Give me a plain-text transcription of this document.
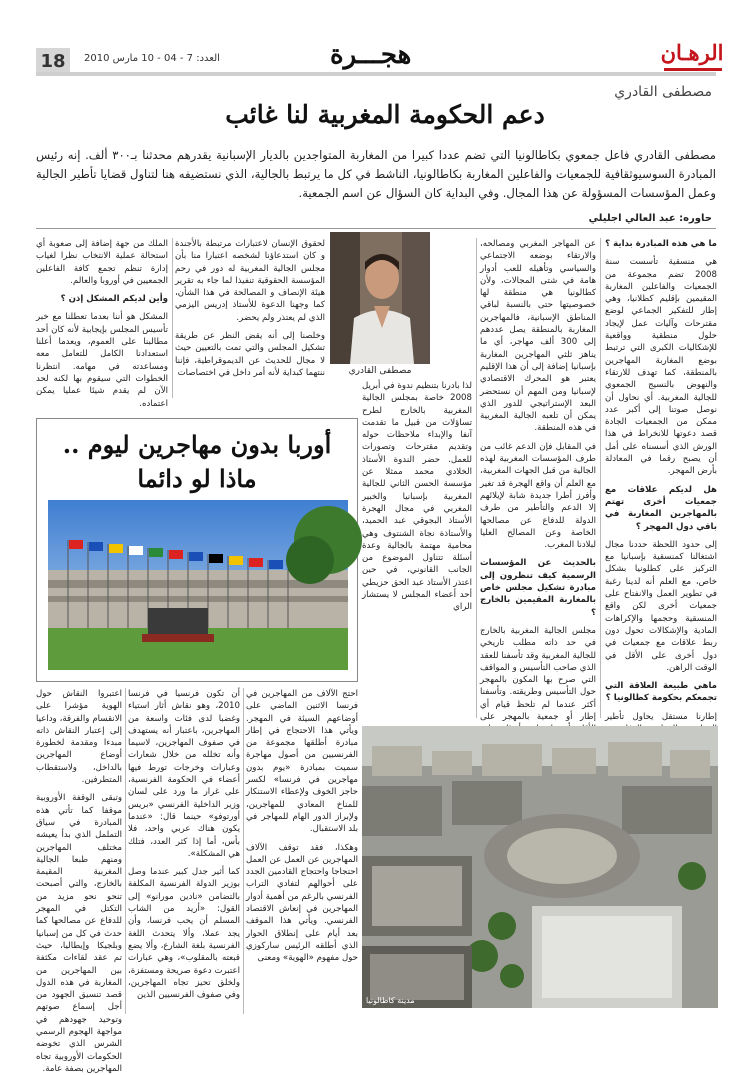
18	العدد: 7 - 04 - 10 مارس 2010	هجـــرة	الرهـان
مصطفى القادري
دعم الحكومة المغربية لنا غائب
مصطفى القادري فاعل جمعوي بكاطالونيا التي تضم عددا كبيرا من المغاربة المتواجدين بالديار الإسبانية يقدرهم محدثنا بـ٣٠٠ ألف. إنه رئيس المبادرة السوسيوثقافية للجمعيات والفاعلين المغاربة بكاطالونيا، الناشط في كل ما يرتبط بالجالية، الذي نستضيفه هنا لتناول قضايا تأطير الجالية وعمل المؤسسات المسؤولة عن هذا المجال. وفي البداية كان السؤال عن اسم الجمعية.
حاوره: عبد العالي اجليلي

ما هي هذه المبادرة بداية ؟

هي منسقية تأسست سنة 2008 تضم مجموعة من الجمعيات والفاعلين المغاربة المقيمين بإقليم كطلانيا، وهي إطار للتفكير الجماعي لوضع مقترحات وآليات عمل لإيجاد حلول منطقية وواقعية للإشكاليات الكبرى التي ترتبط بوضع المغاربة المهاجرين بالمنطقة، كما تهدف للارتقاء والنهوض بالنسيج الجمعوي للجالية المغربية. أي نحاول أن نوصل صوتنا إلى أكبر عدد ممكن من الجمعيات الجادة قصد دعوتها للانخراط في هذا الورش الذي أسسناه على أمل أن يصبح رقما في المعادلة بأرض المهجر.

هل لديكم علاقات مع جمعيات أخرى تهتم بالمهاجرين المغاربة في باقي دول المهجر ؟

إلى حدود اللحظة حددنا مجال اشتغالنا كمنسقية بإسبانيا مع التركيز على كطلونيا بشكل خاص، مع العلم أنه لدينا رغبة في تطوير العمل والانفتاح على جمعيات أخرى لكن واقع المنسقية وحجمها والإكراهات المادية والإشكالات تحول دون ربط علاقات مع جمعيات في دول أخرى على الأقل في الوقت الراهن.

ماهي طبيعة العلاقة التي تجمعكم بحكومة كطالونيا ؟

إطارنا مستقل يحاول تأطير

عن المهاجر المغربي ومصالحه، والارتقاء بوضعه الاجتماعي والسياسي وتأهيله للعب أدوار هامة في شتى المجالات، ولأن كطالونيا هي منطقة لها خصوصيتها حتى بالنسبة لباقي المناطق الإسبانية، فالمهاجرين المغاربة بالمنطقة يصل عددهم إلى 300 ألف مهاجر، أي ما يناهز ثلثي المهاجرين المغاربة بإسبانيا إضافة إلى أن هذا الإقليم يعتبر هو المحرك الاقتصادي لإسبانيا ومن المهم أن نستحضر البعد الإستراتيجي للدور الذي يمكن أن تلعبه الجالية المغربية في هذه المنطقة.

في المقابل فإن الدعم غائب من طرف المؤسسات المغربية لهذه الجالية من قبل الجهات المغربية، مع العلم أن واقع الهجرة قد تغير وأفرز أطرا جديدة شابة لإيلائهم إلا الدعم والتأطير من طرف الدولة للدفاع عن مصالحها الخاصة وعن المصالح العليا لبلادنا المغرب.

بالحديث عن المؤسسات الرسمية كيف تنظرون إلى مبادرة تشكيل مجلس خاص بالمغاربة المقيمين بالخارج ؟

مجلس الجالية المغربية بالخارج في حد ذاته مطلب تاريخي للجالية المغربية وقد تأسفنا للعقد الذي صاحب التأسيس و المواقف التي صرح بها المكون بالمهجر حول التأسيس وطريقته. وتأسفنا أكثر عندما لم تلحظ قيام أي إطار أو جمعية بالمهجر على

لذا بادرنا بتنظيم ندوة في أبريل 2008 خاصة بمجلس الجالية المغربية بالخارج لطرح تساؤلات من قبيل ما تقدمت آنفا والإبداء ملاحظات حوله وتقديم مقترحات وتصورات للعمل. حضر الندوة الأستاذ الخلادي محمد ممثلا عن مؤسسة الحسن الثاني للجالية المغربية بإسبانيا والخبير المغربي في مجال الهجرة الأستاذ البجوقي عبد الحميد، والأستاذة نجاة الشنتوف وهي محامية مهتمة بالجالية وعدة أسئلة تتناول الموضوع من الجانب القانوني، في حين اعتذر الأستاذ عبد الحق حزيطي أحد أعضاء المجلس لا يستشار الراي

لحقوق الإنسان لاعتبارات مرتبطة بالأجندة و كان استدعاؤنا لشخصه اعتبارا منا بأن مجلس الجالية المغربية له دور في رحم المؤسسة الحقوقية تنفيذا لما جاء به تقرير هيئة الإنصاف و المصالحة في هذا الشأن، كما وجهنا الدعوة للأستاذ إدريس اليزمي الذي لم يعتذر ولم يحضر.

وخلصنا إلى أنه يقض النظر عن طريقة تشكيل المجلس والتي تمت بالتعيين حيث لا مجال للحديث عن الديموقراطية، فإننا ننتهما كبداية لأنه أمر داخل في اختصاصات

الملك من جهة إضافة إلى صعوبة أي استحالة عملية الانتخاب نظرا لغياب إدارة تنظم تجمع كافة الفاعلين الجمعيين في أوروبا والعالم.

وأين لديكم المشكل إذن ؟

المشكل هو أننا بعدما تعطلنا مع خبر تأسيس المجلس بإيجابية لأنه كان أحد مطالبنا على العموم، ويعدما أعلنا استعدادنا الكامل للتعامل معه ومساعدته في مهامه. انتظرنا الخطوات التي سيقوم بها لكنه لحد الآن لم يقدم شيئا عمليا يمكن اعتماده.

مصطفى القادري
أوربا بدون مهاجرين ليوم .. ماذا لو دائما

احتج الآلاف من المهاجرين في فرنسا الاثنين الماضي على أوضاعهم السيئة في المهجر. ويأتي هذا الاحتجاج في إطار مبادرة أطلقها مجموعة من الفرنسيين من أصول مهاجرة سميت بمبادرة «يوم بدون مهاجرين في فرنسا» لكسر حاجز الخوف ولإعطاء الاستنكار للمناخ المعادي للمهاجرين، ولإبراز الدور الهام للمهاجر في بلد الاستقبال.

وهكذا، فقد توقف الآلاف المهاجرين عن العمل عن العمل احتجاجا واحتجاج القادمين الجدد على أحوالهم لتفادي التراب الفرنسي بالرغم من أهمية أدوار المهاجرين في إنعاش الاقتصاد الفرنسي. ويأتي هذا الموقف بعد أيام على إنطلاق الحوار الذي أطلقه الرئيس ساركوزي حول مفهوم «الهوية» ومعنى

أن تكون فرنسيا في فرنسا 2010، وهو نقاش أثار استياء وغضبا لدى فئات واسعة من المهاجرين، باعتبار أنه يستهدف في صفوف المهاجرين، لاسيما وأنه تخلله من خلال شعارات وعبارات وخرجات تورط فيها أعضاء في الحكومة الفرنسية، على غرار ما ورد على لسان وزير الداخلية الفرنسي «بريس أورتوفو» حينما قال: «عندما يكون هناك عربي واحد، فلا بأس، أما إذا كثر العدد، فتلك هي المشكلة».

كما أثير جدل كبير عندما وصل بوزير الدولة الفرنسية المكلفة بالتضامن «نادين مورانو» إلى القول: «أريد من الشاب المسلم أن يحب فرنسا، وأن يجد عملا، وألا يتحدث اللغة الفرنسية بلغة الشارع، وألا يضع قبعته بالمقلوب»، وهي عبارات اعتبرت دعوة صريحة ومستفزة، ولخلق تحيز تجاه المهاجرين، وفي صفوف الفرنسيين الذين

اعتبروا النقاش حول الهوية مؤشرا على الانقسام والفرقة، وداعيا إلى إعتبار النقاش ذاته مبدءا ومقدمة لخطورة أوضاع المهاجرين بالداخل، ولاستقطاب المتطرفين.

وتبقى الوقفة الأوروبية موقفا كما تأتي هذه المبادرة في سياق التململ الذي بدأ يعيشه مختلف المهاجرين ومنهم طبعا الجالية المغربية المقيمة بالخارج، والتي أصبحت تنحو نحو مزيد من التكتل في المهجر للدفاع عن مصالحها كما حدث في كل من إسبانيا وبلجيكا وإيطاليا، حيث تم عقد لقاءات مكثفة بين المهاجرين من المغاربة في هذه الدول قصد تنسيق الجهود من أجل إسماع صوتهم وتوحيد جهودهم في مواجهة الهجوم الرسمي الشرس الذي تخوضه الحكومات الأوروبية تجاه المهاجرين بصفة عامة.

مدينة كاطالونيا
